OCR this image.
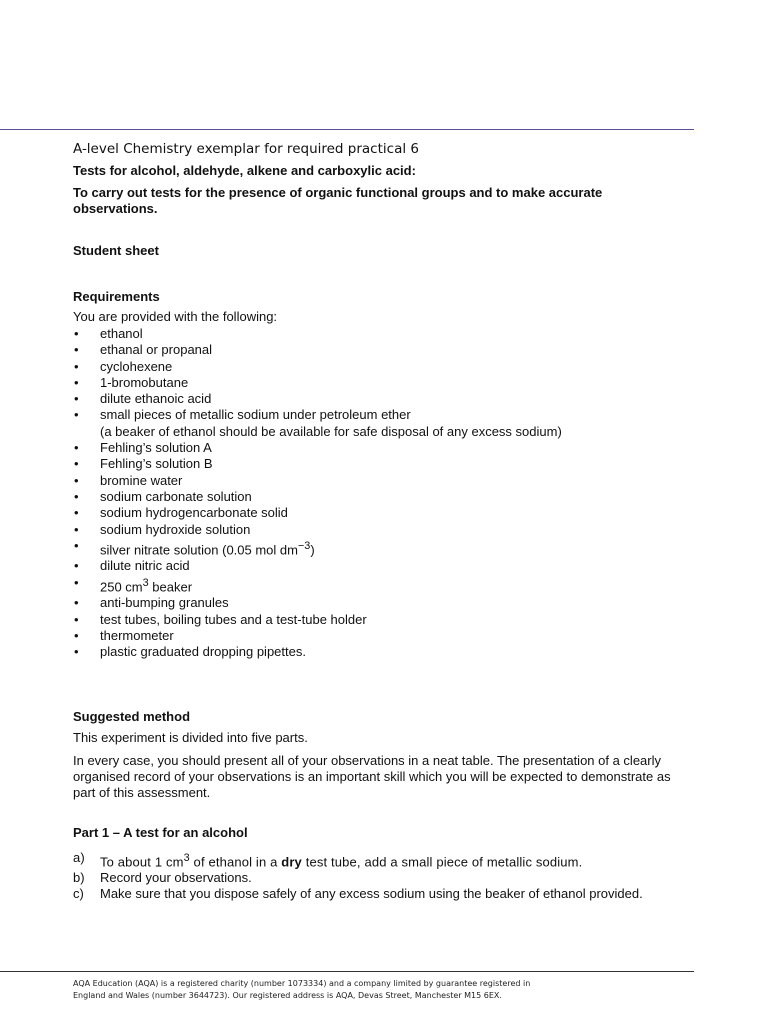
A-level Chemistry exemplar for required practical 6

Tests for alcohol, aldehyde, alkene and carboxylic acid:

To carry out tests for the presence of organic functional groups and to make accurate observations.

Student sheet

Requirements

You are provided with the following:

• ethanol
• ethanal or propanal
• cyclohexene
• 1-bromobutane
• dilute ethanoic acid
• small pieces of metallic sodium under petroleum ether
(a beaker of ethanol should be available for safe disposal of any excess sodium)
• Fehling’s solution A
• Fehling’s solution B
• bromine water
• sodium carbonate solution
• sodium hydrogencarbonate solid
• sodium hydroxide solution
• silver nitrate solution (0.05 mol $dm^{-3}$)
• dilute nitric acid
• 250 $cm^3$ beaker
• anti-bumping granules
• test tubes, boiling tubes and a test-tube holder
• thermometer
• plastic graduated dropping pipettes.

Suggested method

This experiment is divided into five parts.

In every case, you should present all of your observations in a neat table. The presentation of a clearly organised record of your observations is an important skill which you will be expected to demonstrate as part of this assessment.

Part 1 – A test for an alcohol

a) To about 1 $cm^3$ of ethanol in a dry test tube, add a small piece of metallic sodium.
b) Record your observations.
c) Make sure that you dispose safely of any excess sodium using the beaker of ethanol provided.
AQA Education (AQA) is a registered charity (number 1073334) and a company limited by guarantee registered in
England and Wales (number 3644723). Our registered address is AQA, Devas Street, Manchester M15 6EX.
